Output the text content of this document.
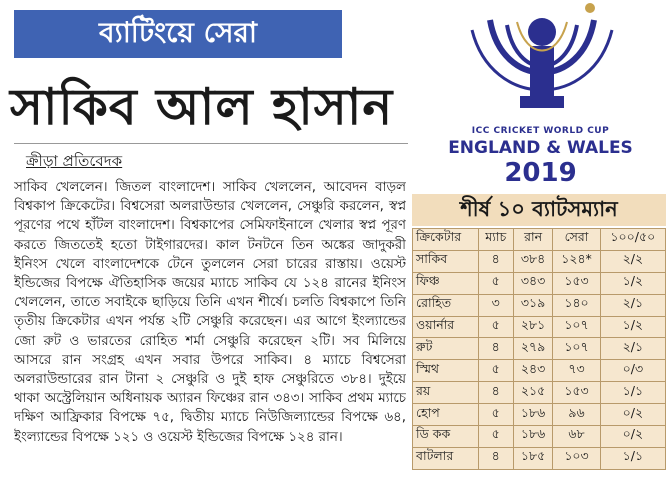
ব্যাটিংয়ে সেরা
সাকিব আল হাসান
ক্রীড়া প্রতিবেদক
সাকিব খেললেন। জিতল বাংলাদেশ। সাকিব খেললেন, আবেদন বাড়ল বিশ্বকাপ ক্রিকেটের। বিশ্বসেরা অলরাউন্ডার খেললেন, সেঞ্চুরি করলেন, স্বপ্ন পূরণের পথে হাঁটল বাংলাদেশ। বিশ্বকাপের সেমিফাইনালে খেলার স্বপ্ন পূরণ করতে জিততেই হতো টাইগারদের। কাল টনটনে তিন অঙ্কের জাদুকরী ইনিংস খেলে বাংলাদেশকে টেনে তুললেন সেরা চারের রাস্তায়। ওয়েস্ট ইন্ডিজের বিপক্ষে ঐতিহাসিক জয়ের ম্যাচে সাকিব যে ১২৪ রানের ইনিংস খেললেন, তাতে সবাইকে ছাড়িয়ে তিনি এখন শীর্ষে। চলতি বিশ্বকাপে তিনি তৃতীয় ক্রিকেটার এখন পর্যন্ত ২টি সেঞ্চুরি করেছেন। এর আগে ইংল্যান্ডের জো রুট ও ভারতের রোহিত শর্মা সেঞ্চুরি করেছেন ২টি। সব মিলিয়ে আসরে রান সংগ্রহ এখন সবার উপরে সাকিব। ৪ ম্যাচে বিশ্বসেরা অলরাউন্ডারের রান টানা ২ সেঞ্চুরি ও দুই হাফ সেঞ্চুরিতে ৩৮৪। দুইয়ে থাকা অস্ট্রেলিয়ান অধিনায়ক অ্যারন ফিঞ্চের রান ৩৪৩। সাকিব প্রথম ম্যাচে দক্ষিণ আফ্রিকার বিপক্ষে ৭৫, দ্বিতীয় ম্যাচে নিউজিল্যান্ডের বিপক্ষে ৬৪, ইংল্যান্ডের বিপক্ষে ১২১ ও ওয়েস্ট ইন্ডিজের বিপক্ষে ১২৪ রান।
ICC CRICKET WORLD CUP
ENGLAND & WALES
2019
শীর্ষ ১০ ব্যাটসম্যান
ক্রিকেটার	ম্যাচ	রান	সেরা	১০০/৫০
সাকিব	৪	৩৮৪	১২৪*	২/২
ফিঞ্চ	৫	৩৪৩	১৫৩	১/২
রোহিত	৩	৩১৯	১৪০	২/১
ওয়ার্নার	৫	২৮১	১০৭	১/২
রুট	৪	২৭৯	১০৭	২/১
স্মিথ	৫	২৪৩	৭৩	০/৩
রয়	৪	২১৫	১৫৩	১/১
হোপ	৫	১৮৬	৯৬	০/২
ডি কক	৫	১৮৬	৬৮	০/২
বাটলার	৪	১৮৫	১০৩	১/১
